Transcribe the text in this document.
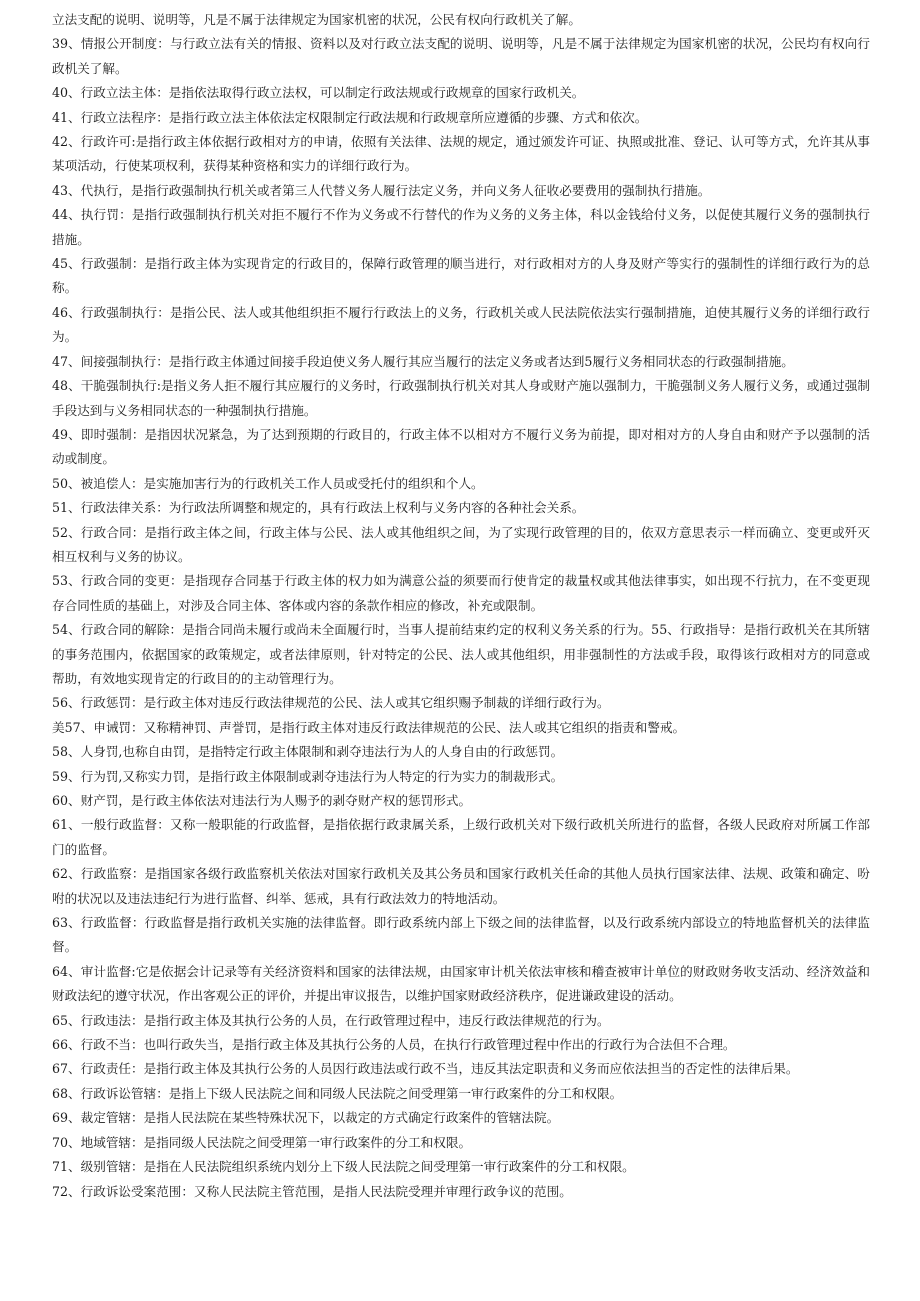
立法支配的说明、说明等，凡是不属于法律规定为国家机密的状况，公民有权向行政机关了解。

39、情报公开制度：与行政立法有关的情报、资料以及对行政立法支配的说明、说明等，凡是不属于法律规定为国家机密的状况，公民均有权向行政机关了解。

40、行政立法主体：是指依法取得行政立法权，可以制定行政法规或行政规章的国家行政机关。

41、行政立法程序：是指行政立法主体依法定权限制定行政法规和行政规章所应遵循的步骤、方式和依次。

42、行政许可:是指行政主体依据行政相对方的申请，依照有关法律、法规的规定，通过颁发许可证、执照或批准、登记、认可等方式，允许其从事某项活动，行使某项权利，获得某种资格和实力的详细行政行为。

43、代执行，是指行政强制执行机关或者第三人代替义务人履行法定义务，并向义务人征收必要费用的强制执行措施。

44、执行罚：是指行政强制执行机关对拒不履行不作为义务或不行替代的作为义务的义务主体，科以金钱给付义务，以促使其履行义务的强制执行措施。

45、行政强制：是指行政主体为实现肯定的行政目的，保障行政管理的顺当进行，对行政相对方的人身及财产等实行的强制性的详细行政行为的总称。

46、行政强制执行：是指公民、法人或其他组织拒不履行行政法上的义务，行政机关或人民法院依法实行强制措施，迫使其履行义务的详细行政行为。

47、间接强制执行：是指行政主体通过间接手段迫使义务人履行其应当履行的法定义务或者达到5履行义务相同状态的行政强制措施。

48、干脆强制执行:是指义务人拒不履行其应履行的义务时，行政强制执行机关对其人身或财产施以强制力，干脆强制义务人履行义务，或通过强制手段达到与义务相同状态的一种强制执行措施。

49、即时强制：是指因状况紧急，为了达到预期的行政目的，行政主体不以相对方不履行义务为前提，即对相对方的人身自由和财产予以强制的活动或制度。

50、被追偿人：是实施加害行为的行政机关工作人员或受托付的组织和个人。

51、行政法律关系：为行政法所调整和规定的，具有行政法上权利与义务内容的各种社会关系。

52、行政合同：是指行政主体之间，行政主体与公民、法人或其他组织之间，为了实现行政管理的目的，依双方意思表示一样而确立、变更或歼灭相互权利与义务的协议。

53、行政合同的变更：是指现存合同基于行政主体的权力如为满意公益的须要而行使肯定的裁量权或其他法律事实，如出现不行抗力，在不变更现存合同性质的基础上，对涉及合同主体、客体或内容的条款作相应的修改，补充或限制。

54、行政合同的解除：是指合同尚未履行或尚未全面履行时，当事人提前结束约定的权利义务关系的行为。55、行政指导：是指行政机关在其所辖的事务范围内，依据国家的政策规定，或者法律原则，针对特定的公民、法人或其他组织，用非强制性的方法或手段，取得该行政相对方的同意或帮助，有效地实现肯定的行政目的的主动管理行为。

56、行政惩罚：是行政主体对违反行政法律规范的公民、法人或其它组织赐予制裁的详细行政行为。

美57、申诫罚：又称精神罚、声誉罚，是指行政主体对违反行政法律规范的公民、法人或其它组织的指责和警戒。

58、人身罚,也称自由罚，是指特定行政主体限制和剥夺违法行为人的人身自由的行政惩罚。

59、行为罚,又称实力罚，是指行政主体限制或剥夺违法行为人特定的行为实力的制裁形式。

60、财产罚，是行政主体依法对违法行为人赐予的剥夺财产权的惩罚形式。

61、一般行政监督：又称一般职能的行政监督，是指依据行政隶属关系，上级行政机关对下级行政机关所进行的监督，各级人民政府对所属工作部门的监督。

62、行政监察：是指国家各级行政监察机关依法对国家行政机关及其公务员和国家行政机关任命的其他人员执行国家法律、法规、政策和确定、吩咐的状况以及违法违纪行为进行监督、纠举、惩戒，具有行政法效力的特地活动。

63、行政监督：行政监督是指行政机关实施的法律监督。即行政系统内部上下级之间的法律监督，以及行政系统内部设立的特地监督机关的法律监督。

64、审计监督:它是依据会计记录等有关经济资料和国家的法律法规，由国家审计机关依法审核和稽查被审计单位的财政财务收支活动、经济效益和财政法纪的遵守状况，作出客观公正的评价，并提出审议报告，以维护国家财政经济秩序，促进谦政建设的活动。

65、行政违法：是指行政主体及其执行公务的人员，在行政管理过程中，违反行政法律规范的行为。

66、行政不当：也叫行政失当，是指行政主体及其执行公务的人员，在执行行政管理过程中作出的行政行为合法但不合理。

67、行政责任：是指行政主体及其执行公务的人员因行政违法或行政不当，违反其法定职责和义务而应依法担当的否定性的法律后果。

68、行政诉讼管辖：是指上下级人民法院之间和同级人民法院之间受理第一审行政案件的分工和权限。

69、裁定管辖：是指人民法院在某些特殊状况下，以裁定的方式确定行政案件的管辖法院。

70、地域管辖：是指同级人民法院之间受理第一审行政案件的分工和权限。

71、级别管辖：是指在人民法院组织系统内划分上下级人民法院之间受理第一审行政案件的分工和权限。

72、行政诉讼受案范围：又称人民法院主管范围，是指人民法院受理并审理行政争议的范围。
